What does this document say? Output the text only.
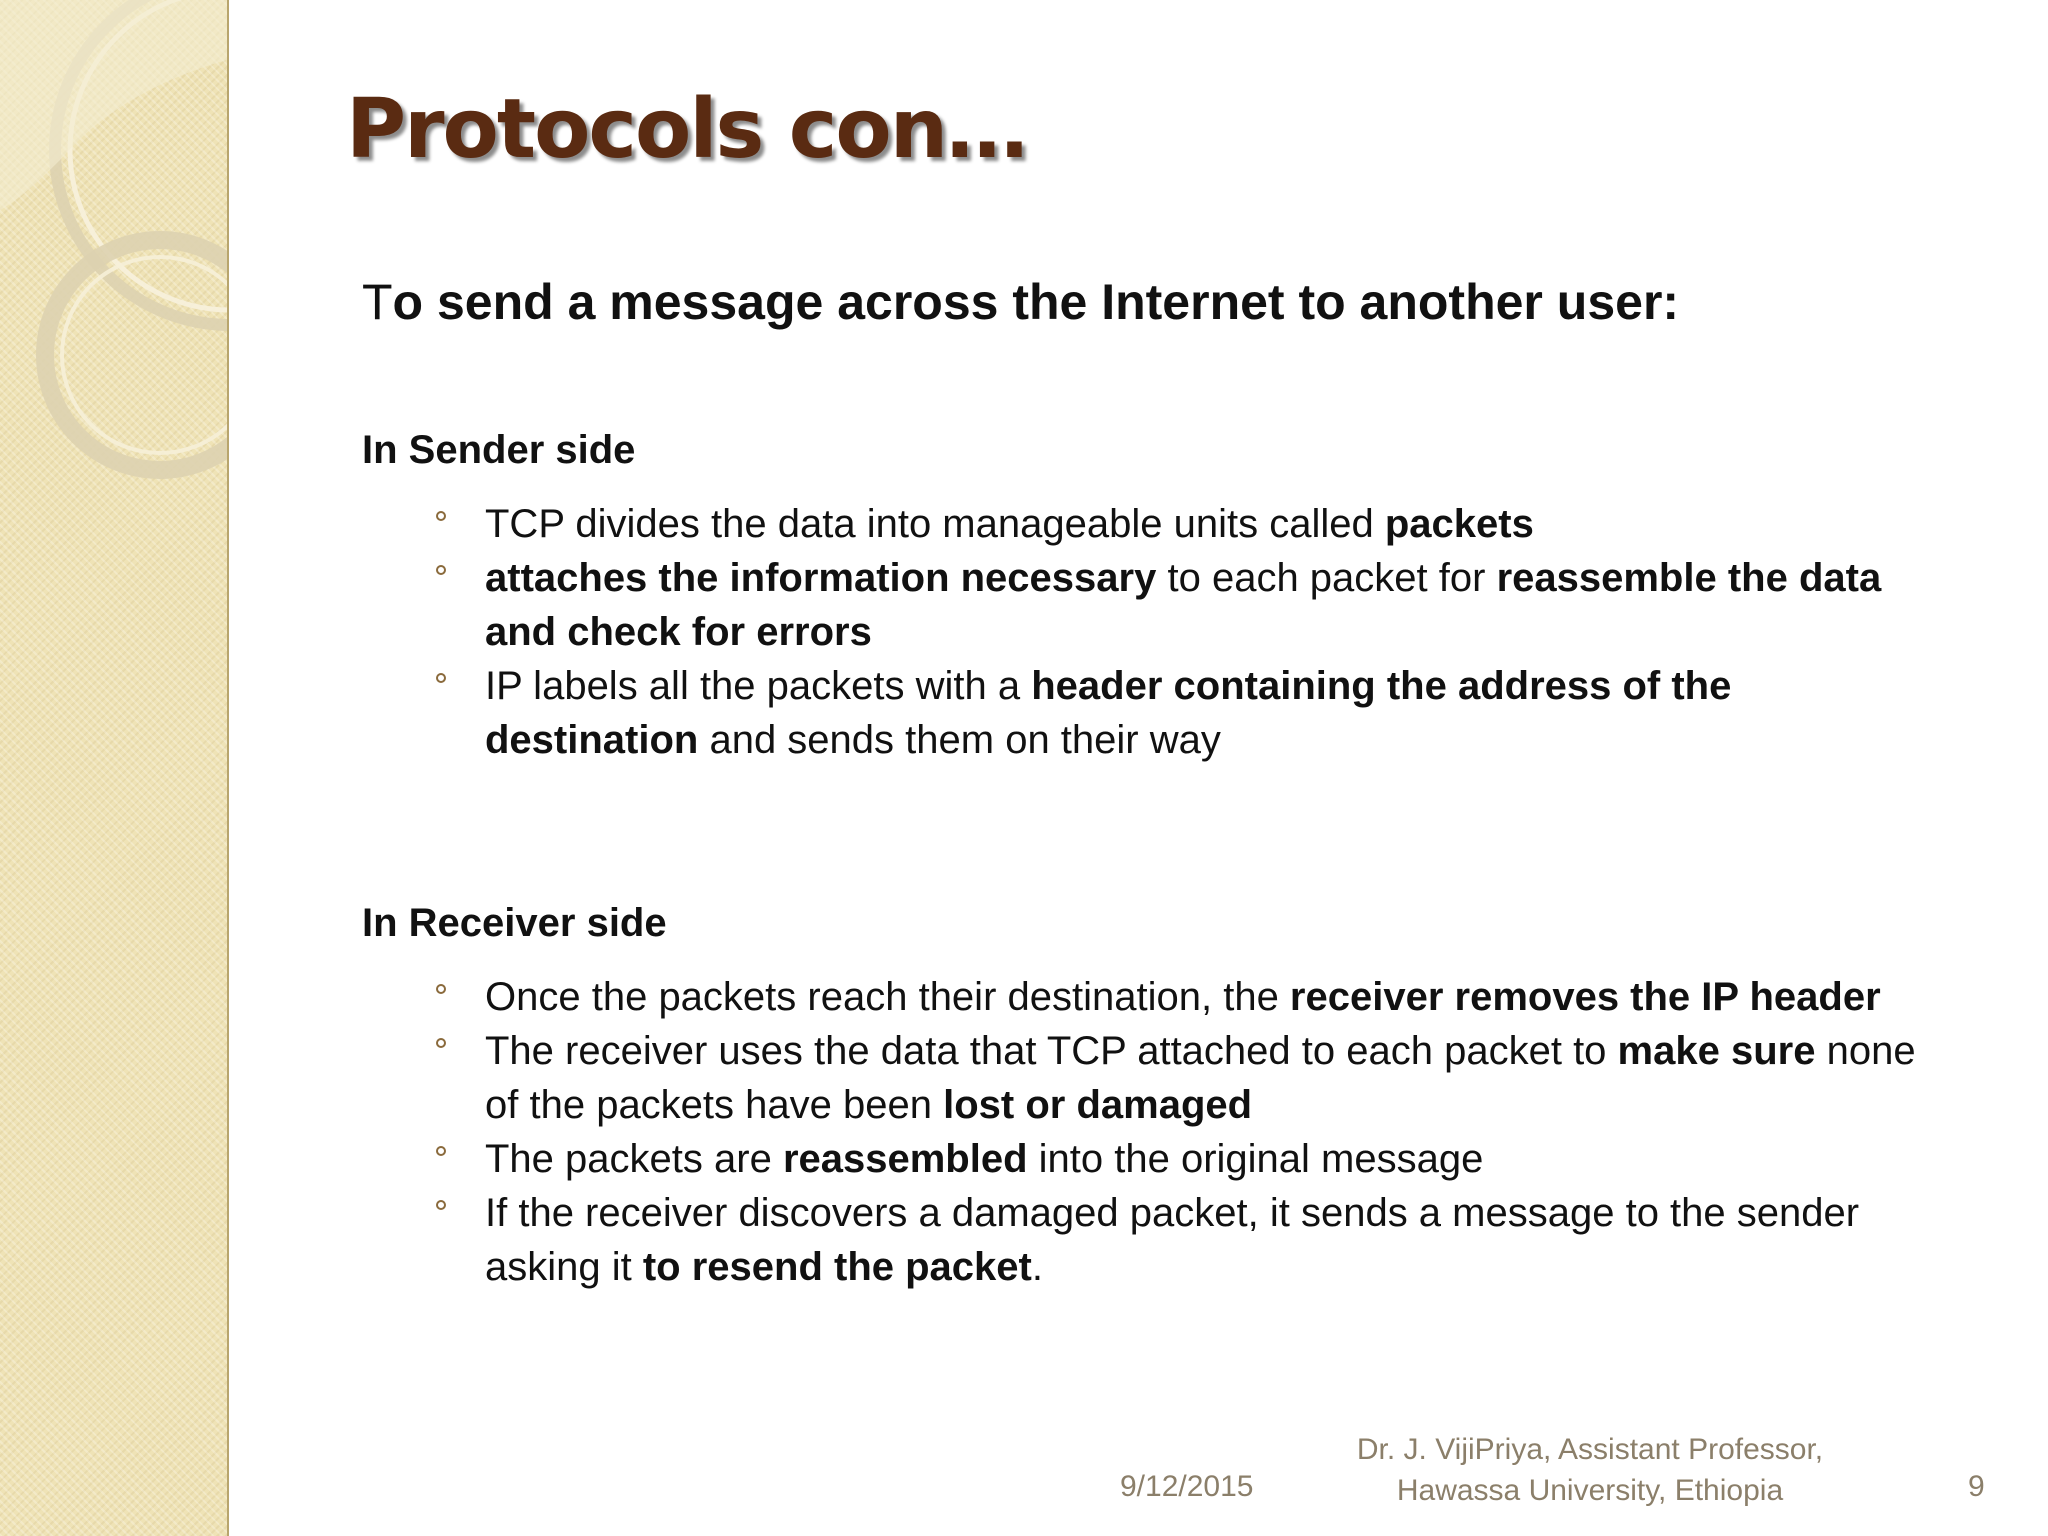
Protocols con…

To send a message across the Internet to another user:

In Sender side

TCP divides the data into manageable units called packets
attaches the information necessary to each packet for reassemble the data and check for errors
IP labels all the packets with a header containing the address of the destination and sends them on their way

In Receiver side

Once the packets reach their destination, the receiver removes the IP header
The receiver uses the data that TCP attached to each packet to make sure none of the packets have been lost or damaged
The packets are reassembled into the original message
If the receiver discovers a damaged packet, it sends a message to the sender asking it to resend the packet.
9/12/2015
Dr. J. VijiPriya, Assistant Professor,
Hawassa University, Ethiopia	9
